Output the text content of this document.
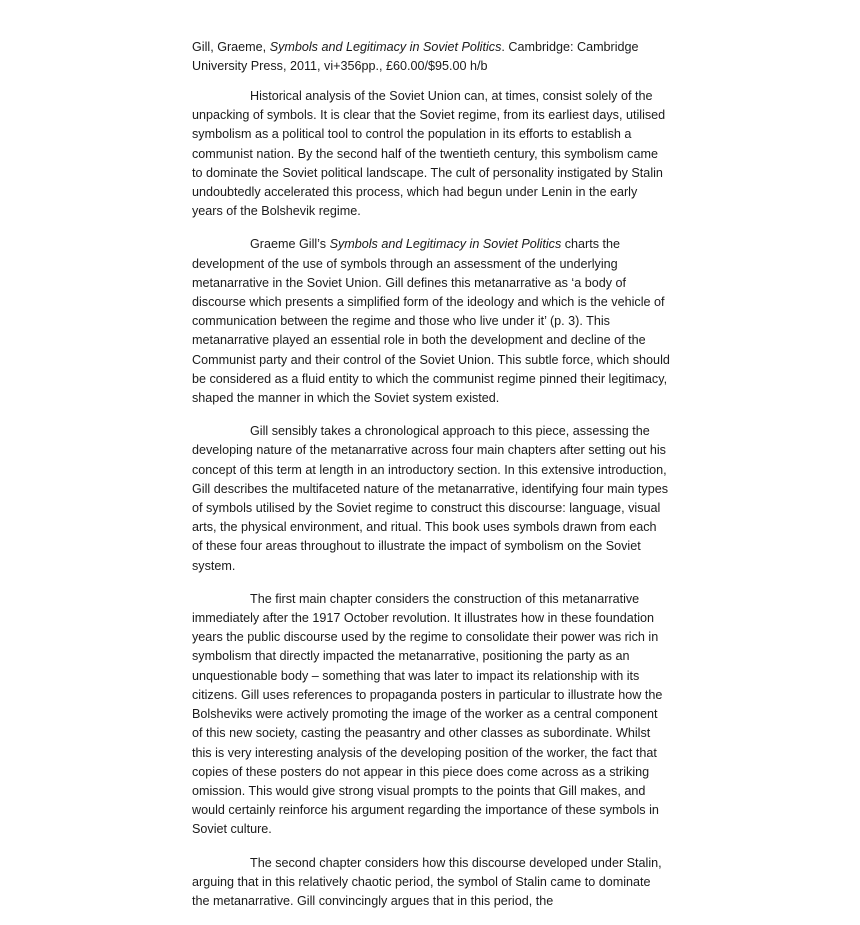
Gill, Graeme, Symbols and Legitimacy in Soviet Politics. Cambridge: Cambridge University Press, 2011, vi+356pp., £60.00/$95.00 h/b

Historical analysis of the Soviet Union can, at times, consist solely of the unpacking of symbols. It is clear that the Soviet regime, from its earliest days, utilised symbolism as a political tool to control the population in its efforts to establish a communist nation. By the second half of the twentieth century, this symbolism came to dominate the Soviet political landscape. The cult of personality instigated by Stalin undoubtedly accelerated this process, which had begun under Lenin in the early years of the Bolshevik regime.

Graeme Gill’s Symbols and Legitimacy in Soviet Politics charts the development of the use of symbols through an assessment of the underlying metanarrative in the Soviet Union. Gill defines this metanarrative as ‘a body of discourse which presents a simplified form of the ideology and which is the vehicle of communication between the regime and those who live under it’ (p. 3). This metanarrative played an essential role in both the development and decline of the Communist party and their control of the Soviet Union. This subtle force, which should be considered as a fluid entity to which the communist regime pinned their legitimacy, shaped the manner in which the Soviet system existed.

Gill sensibly takes a chronological approach to this piece, assessing the developing nature of the metanarrative across four main chapters after setting out his concept of this term at length in an introductory section. In this extensive introduction, Gill describes the multifaceted nature of the metanarrative, identifying four main types of symbols utilised by the Soviet regime to construct this discourse: language, visual arts, the physical environment, and ritual. This book uses symbols drawn from each of these four areas throughout to illustrate the impact of symbolism on the Soviet system.

The first main chapter considers the construction of this metanarrative immediately after the 1917 October revolution. It illustrates how in these foundation years the public discourse used by the regime to consolidate their power was rich in symbolism that directly impacted the metanarrative, positioning the party as an unquestionable body – something that was later to impact its relationship with its citizens. Gill uses references to propaganda posters in particular to illustrate how the Bolsheviks were actively promoting the image of the worker as a central component of this new society, casting the peasantry and other classes as subordinate. Whilst this is very interesting analysis of the developing position of the worker, the fact that copies of these posters do not appear in this piece does come across as a striking omission. This would give strong visual prompts to the points that Gill makes, and would certainly reinforce his argument regarding the importance of these symbols in Soviet culture.

The second chapter considers how this discourse developed under Stalin, arguing that in this relatively chaotic period, the symbol of Stalin came to dominate the metanarrative. Gill convincingly argues that in this period, the
